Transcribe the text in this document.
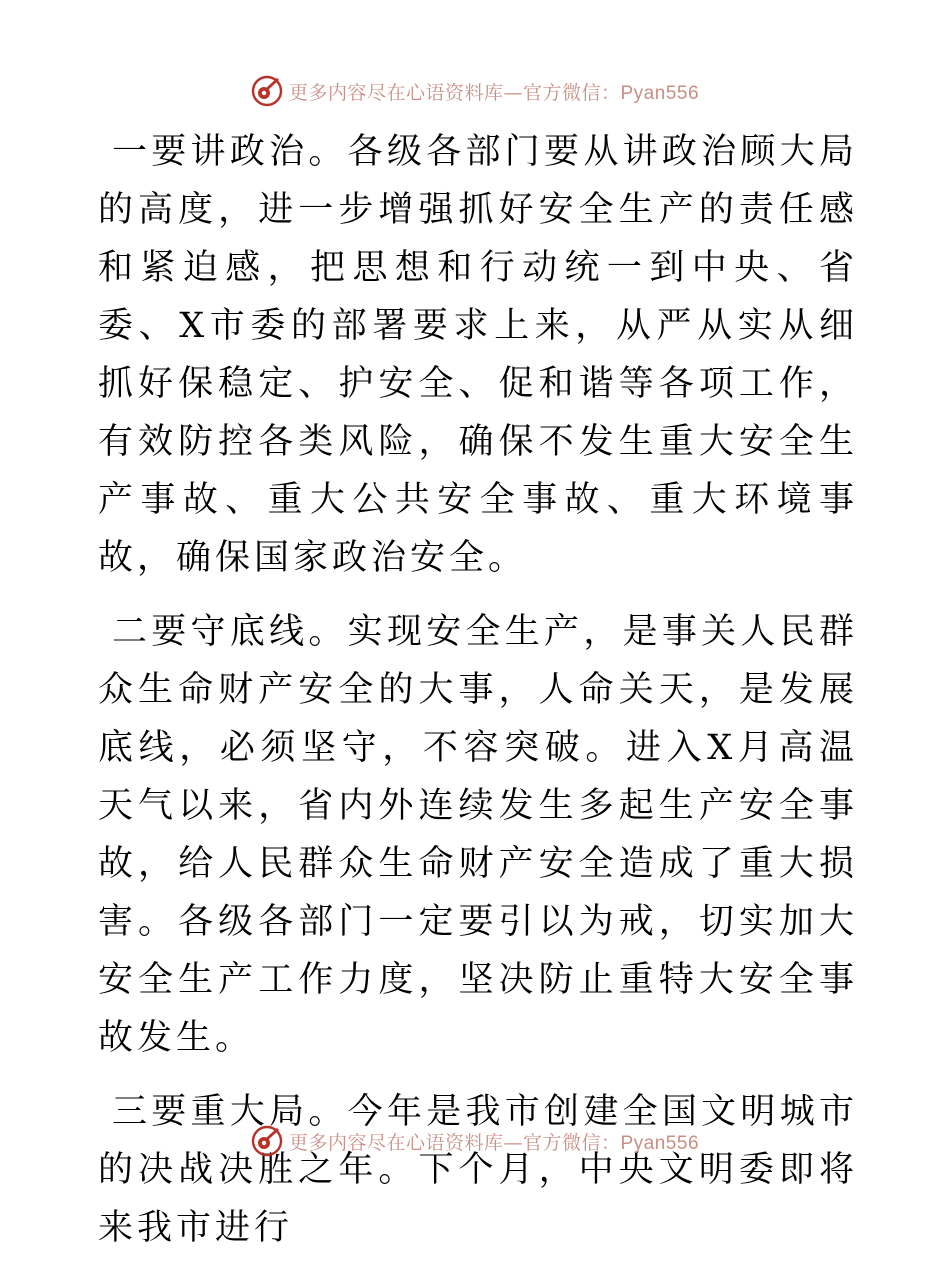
更多内容尽在心语资料库—官方微信：Pyan556

一要讲政治。各级各部门要从讲政治顾大局的高度，进一步增强抓好安全生产的责任感和紧迫感，把思想和行动统一到中央、省委、X市委的部署要求上来，从严从实从细抓好保稳定、护安全、促和谐等各项工作，有效防控各类风险，确保不发生重大安全生产事故、重大公共安全事故、重大环境事故，确保国家政治安全。

二要守底线。实现安全生产，是事关人民群众生命财产安全的大事，人命关天，是发展底线，必须坚守，不容突破。进入X月高温天气以来，省内外连续发生多起生产安全事故，给人民群众生命财产安全造成了重大损害。各级各部门一定要引以为戒，切实加大安全生产工作力度，坚决防止重特大安全事故发生。

三要重大局。今年是我市创建全国文明城市的决战决胜之年。下个月，中央文明委即将来我市进行

更多内容尽在心语资料库—官方微信：Pyan556
